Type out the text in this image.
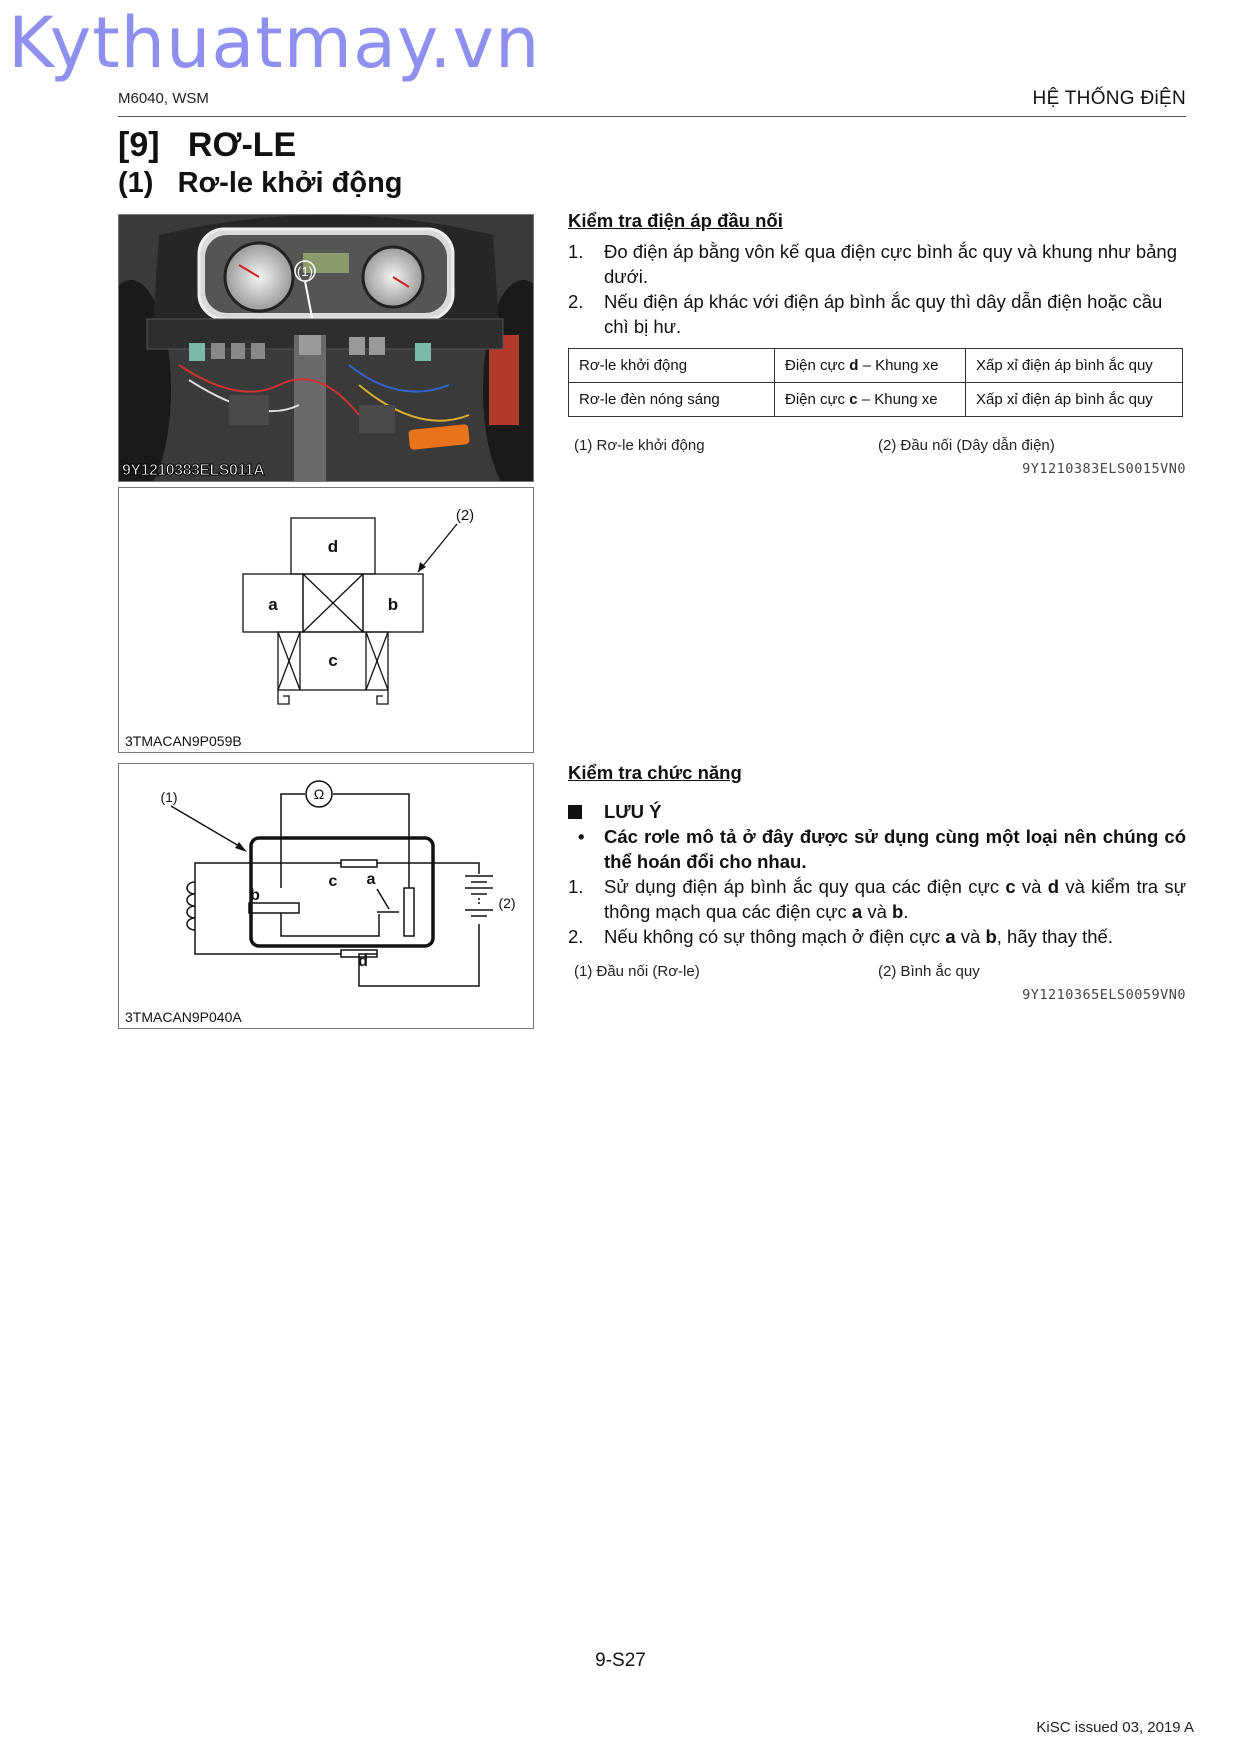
Kythuatmay.vn
M6040, WSM	HỆ THỐNG ĐiỆN
[9]   RƠ-LE
(1)   Rơ-le khởi động
(1)
9Y1210383ELS011A
d
a	b
c
(2)
3TMACAN9P059B
Ω
a
b
c
d
(1)
(2)
3TMACAN9P040A
Kiểm tra điện áp đầu nối
1. Đo điện áp bằng vôn kế qua điện cực bình ắc quy và khung như bảng dưới.
2. Nếu điện áp khác với điện áp bình ắc quy thì dây dẫn điện hoặc cầu chì bị hư.
Rơ-le khởi động	Điện cực d – Khung xe	Xấp xỉ điện áp bình ắc quy
Rơ-le đèn nóng sáng	Điện cực c – Khung xe	Xấp xỉ điện áp bình ắc quy
(1) Rơ-le khởi động	(2) Đầu nối (Dây dẫn điện)
9Y1210383ELS0015VN0
Kiểm tra chức năng
LƯU Ý
• Các rơle mô tả ở đây được sử dụng cùng một loại nên chúng có thể hoán đổi cho nhau.
1. Sử dụng điện áp bình ắc quy qua các điện cực c và d và kiểm tra sự thông mạch qua các điện cực a và b.
2. Nếu không có sự thông mạch ở điện cực a và b, hãy thay thế.
(1) Đầu nối (Rơ-le)	(2) Bình ắc quy
9Y1210365ELS0059VN0
9-S27
KiSC issued 03, 2019 A
